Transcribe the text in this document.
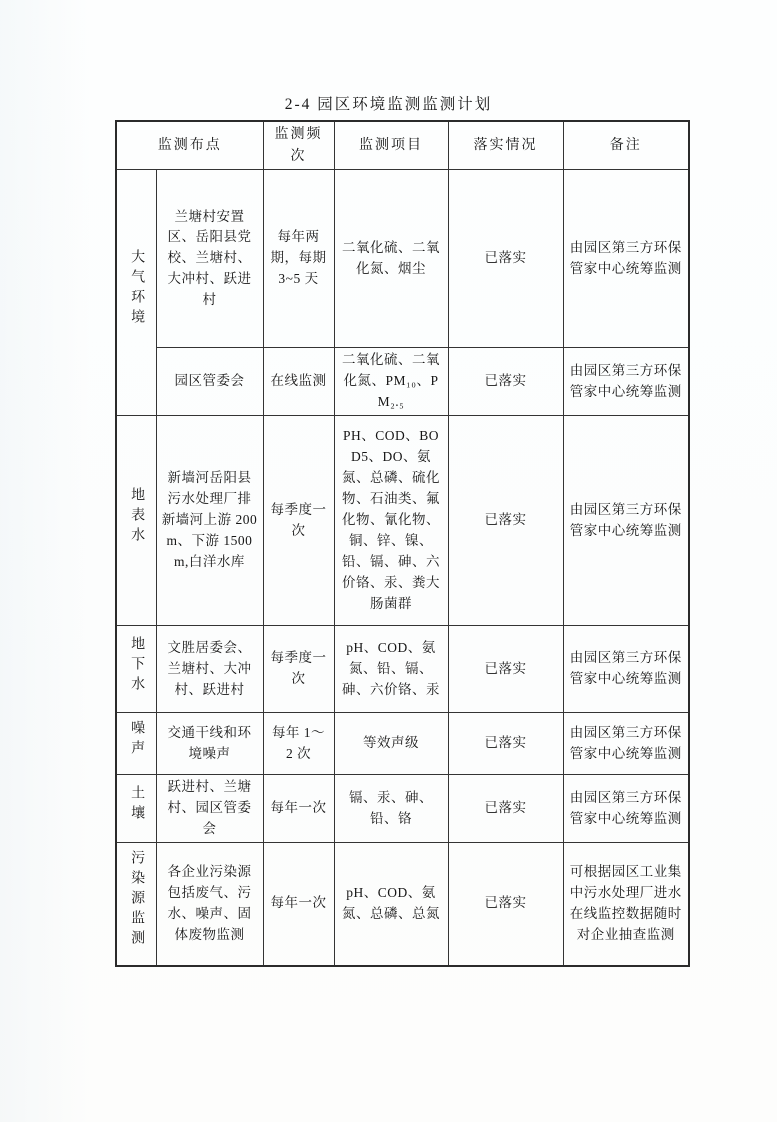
2-4 园区环境监测监测计划
监测布点		监测频次	监测项目	落实情况	备注
大气环境	兰塘村安置区、岳阳县党校、兰塘村、大冲村、跃进村	每年两期，每期 3~5 天	二氧化硫、二氧化氮、烟尘	已落实	由园区第三方环保管家中心统筹监测
	园区管委会	在线监测	二氧化硫、二氧化氮、PM₁₀、PM₂.₅	已落实	由园区第三方环保管家中心统筹监测
地表水	新墙河岳阳县污水处理厂排新墙河上游 200m、下游 1500m,白洋水库	每季度一次	PH、COD、BOD5、DO、氨氮、总磷、硫化物、石油类、氟化物、氰化物、铜、锌、镍、铅、镉、砷、六价铬、汞、粪大肠菌群	已落实	由园区第三方环保管家中心统筹监测
地下水	文胜居委会、兰塘村、大冲村、跃进村	每季度一次	pH、COD、氨氮、铅、镉、砷、六价铬、汞	已落实	由园区第三方环保管家中心统筹监测
噪声	交通干线和环境噪声	每年 1～2 次	等效声级	已落实	由园区第三方环保管家中心统筹监测
土壤	跃进村、兰塘村、园区管委会	每年一次	镉、汞、砷、铅、铬	已落实	由园区第三方环保管家中心统筹监测
污染源监测	各企业污染源包括废气、污水、噪声、固体废物监测	每年一次	pH、COD、氨氮、总磷、总氮	已落实	可根据园区工业集中污水处理厂进水在线监控数据随时对企业抽查监测
